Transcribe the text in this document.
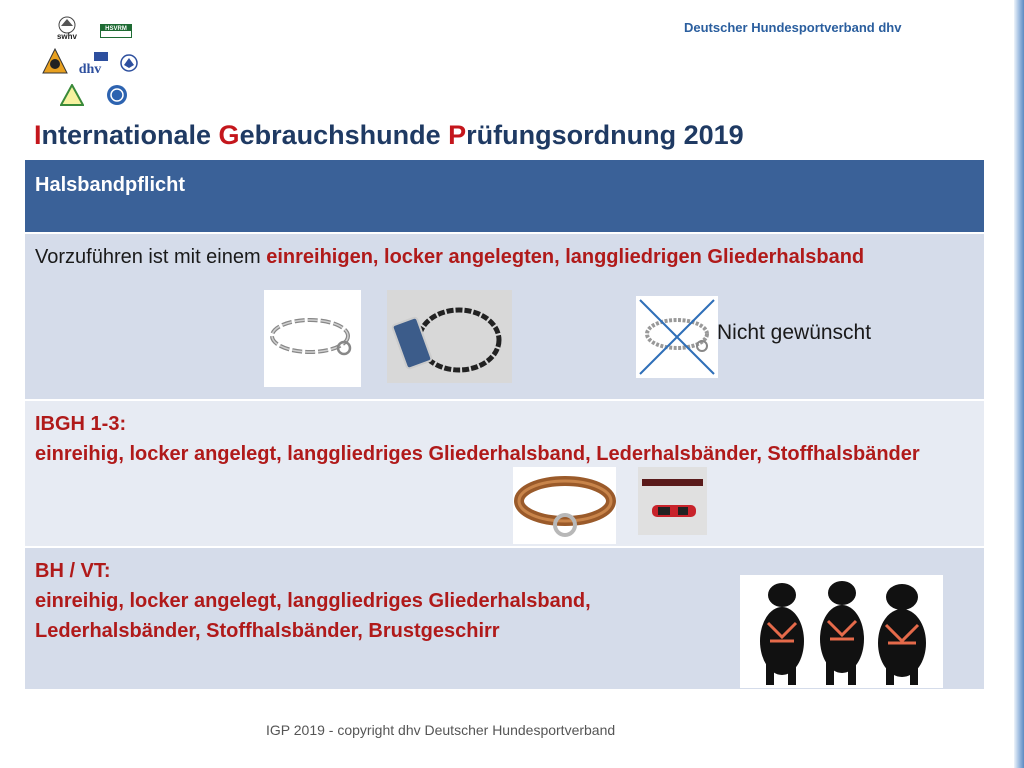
Deutscher Hundesportverband dhv
swhv
HSVRM
dhv
Internationale Gebrauchshunde Prüfungsordnung 2019
Halsbandpflicht
Vorzuführen ist mit einem einreihigen, locker angelegten, langgliedrigen Gliederhalsband
Nicht gewünscht
IBGH 1-3:
einreihig, locker angelegt, langgliedriges Gliederhalsband, Lederhalsbänder, Stoffhalsbänder
BH / VT:
einreihig, locker angelegt, langgliedriges Gliederhalsband, Lederhalsbänder, Stoffhalsbänder, Brustgeschirr
IGP 2019 - copyright dhv Deutscher Hundesportverband
